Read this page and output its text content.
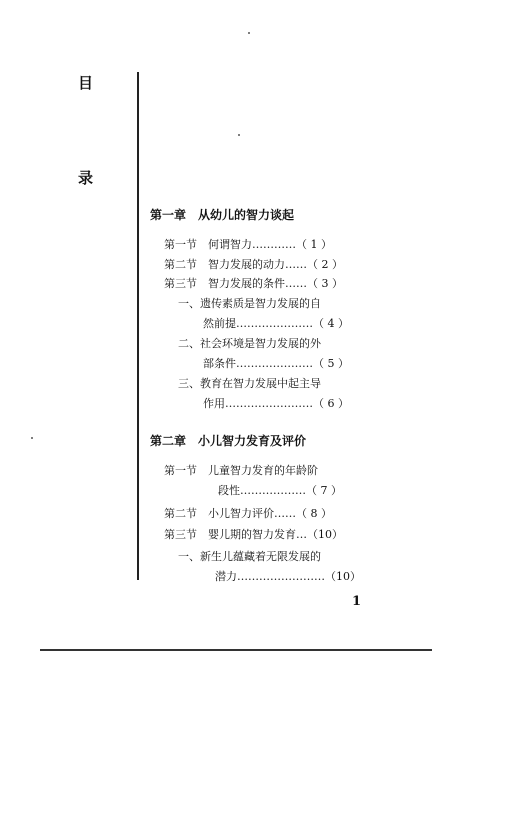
目
录
第一章　从幼儿的智力谈起
第一节　何谓智力…………（ 1 ）
第二节　智力发展的动力……（ 2 ）
第三节　智力发展的条件……（ 3 ）
一、遗传素质是智力发展的自
然前提…………………（ 4 ）
二、社会环境是智力发展的外
部条件…………………（ 5 ）
三、教育在智力发展中起主导
作用……………………（ 6 ）
第二章　小儿智力发育及评价
第一节　儿童智力发育的年龄阶
段性………………（ 7 ）
第二节　小儿智力评价……（ 8 ）
第三节　婴儿期的智力发育…（10）
一、新生儿蕴藏着无限发展的
潜力……………………（10）
1
